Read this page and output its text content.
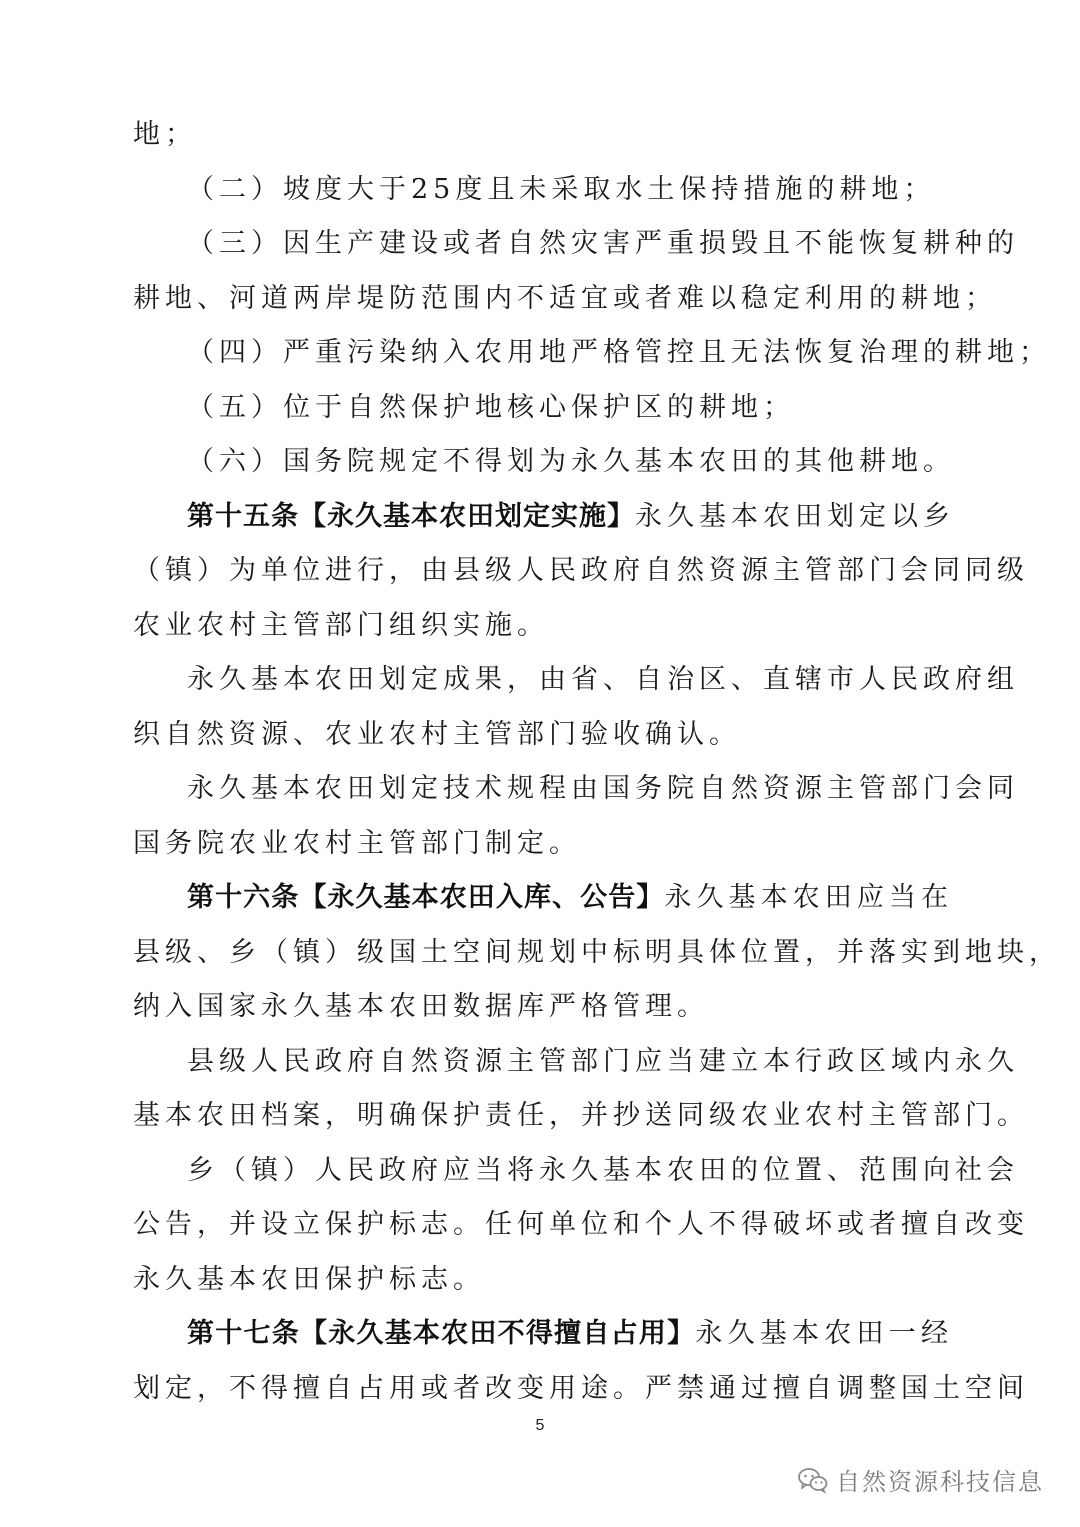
地；
（二）坡度大于25度且未采取水土保持措施的耕地；
（三）因生产建设或者自然灾害严重损毁且不能恢复耕种的
耕地、河道两岸堤防范围内不适宜或者难以稳定利用的耕地；
（四）严重污染纳入农用地严格管控且无法恢复治理的耕地；
（五）位于自然保护地核心保护区的耕地；
（六）国务院规定不得划为永久基本农田的其他耕地。
第十五条【永久基本农田划定实施】永久基本农田划定以乡
（镇）为单位进行，由县级人民政府自然资源主管部门会同同级
农业农村主管部门组织实施。
永久基本农田划定成果，由省、自治区、直辖市人民政府组
织自然资源、农业农村主管部门验收确认。
永久基本农田划定技术规程由国务院自然资源主管部门会同
国务院农业农村主管部门制定。
第十六条【永久基本农田入库、公告】永久基本农田应当在
县级、乡（镇）级国土空间规划中标明具体位置，并落实到地块，
纳入国家永久基本农田数据库严格管理。
县级人民政府自然资源主管部门应当建立本行政区域内永久
基本农田档案，明确保护责任，并抄送同级农业农村主管部门。
乡（镇）人民政府应当将永久基本农田的位置、范围向社会
公告，并设立保护标志。任何单位和个人不得破坏或者擅自改变
永久基本农田保护标志。
第十七条【永久基本农田不得擅自占用】永久基本农田一经
划定，不得擅自占用或者改变用途。严禁通过擅自调整国土空间
5
自然资源科技信息
